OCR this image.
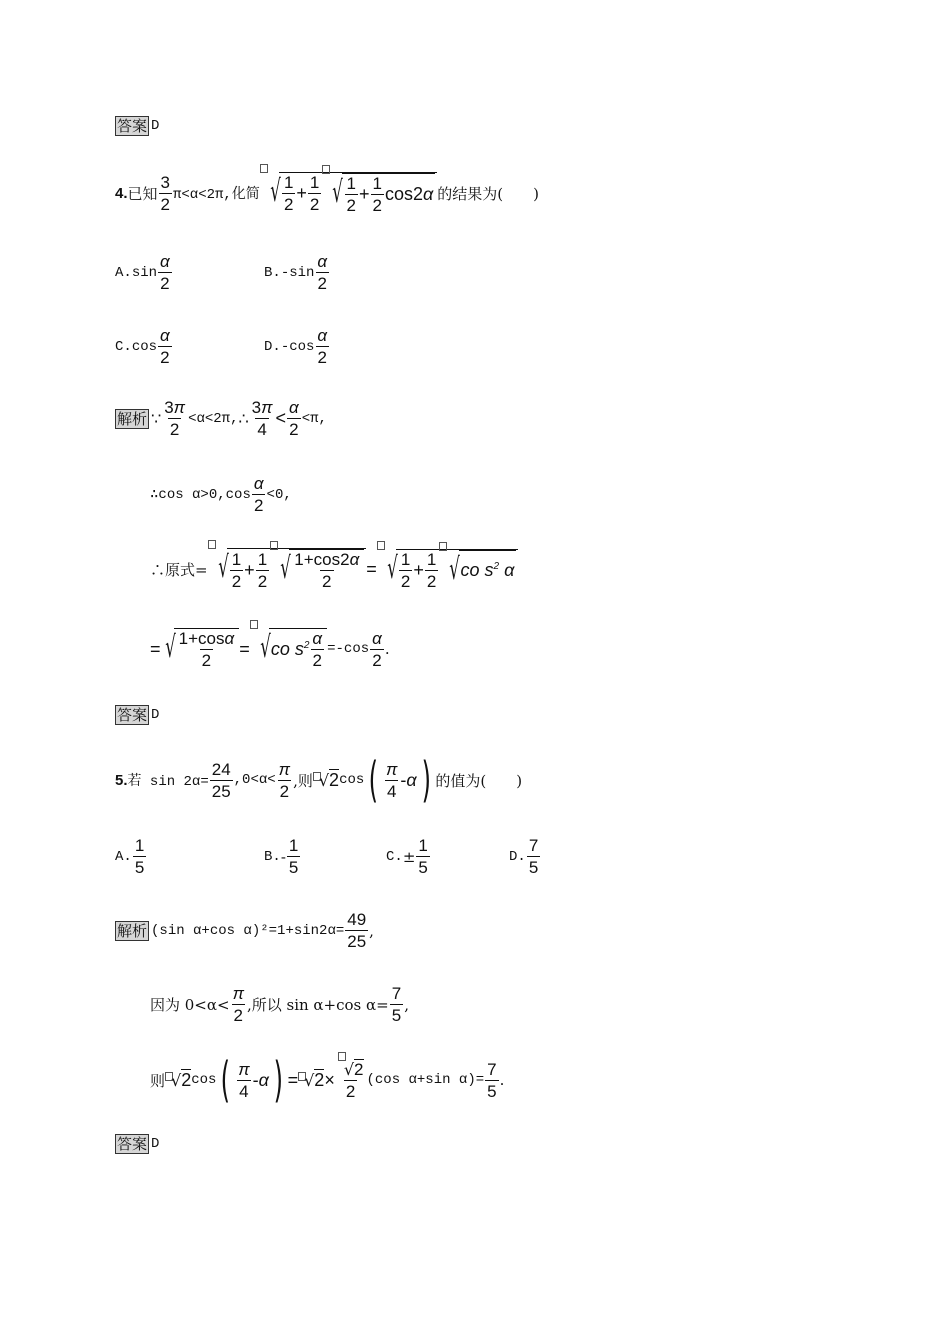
答案 D
4. 已知 $\frac{3}{2} \pi<\alpha<2\pi$,化简 √ $\frac{1}{2} + \frac{1}{2}$ √ $\frac{1}{2} + \frac{1}{2} \cos 2\alpha$ 的结果为(　　)
A. $\sin \frac{\alpha}{2}$	B. $-\sin \frac{\alpha}{2}$
C. $\cos \frac{\alpha}{2}$	D. $-\cos \frac{\alpha}{2}$
解析 ∵ $\frac{3\pi}{2} <\alpha<2\pi$, ∴ $\frac{3\pi}{4} < \frac{\alpha}{2} <\pi$,
∴cos $\alpha>0,\cos \frac{\alpha}{2} <0$,
∴原式= √ $\frac{1}{2} + \frac{1}{2}$ √ $\frac{1+\cos 2\alpha}{2}$ = √ $\frac{1}{2} + \frac{1}{2}$ √ co $s^2$ α
= √ $\frac{1+\cos\alpha}{2}$ = √ co $s^2 \frac{\alpha}{2} =-\cos \frac{\alpha}{2}$ .
答案 D
5. 若 $\sin 2\alpha= \frac{24}{25} ,0<\alpha< \frac{\pi}{2}$ ,则 √ 2 cos ( $\frac{\pi}{4} -\alpha$ ) 的值为(　　)
A. $\frac{1}{5}$	B. - $\frac{1}{5}$	C. ± $\frac{1}{5}$	D. $\frac{7}{5}$
解析 (sin α+cos $\alpha)^2=1+\sin 2\alpha= \frac{49}{25}$ ,
因为 $0<\alpha< \frac{\pi}{2}$ ,所以 sin α+cos $\alpha= \frac{7}{5}$ ,
则 √ 2 cos ( $\frac{\pi}{4} -\alpha$ ) = √ $2 \times \frac{√2}{2} (\cos$ α+sin $\alpha)= \frac{7}{5}$ .
答案 D
